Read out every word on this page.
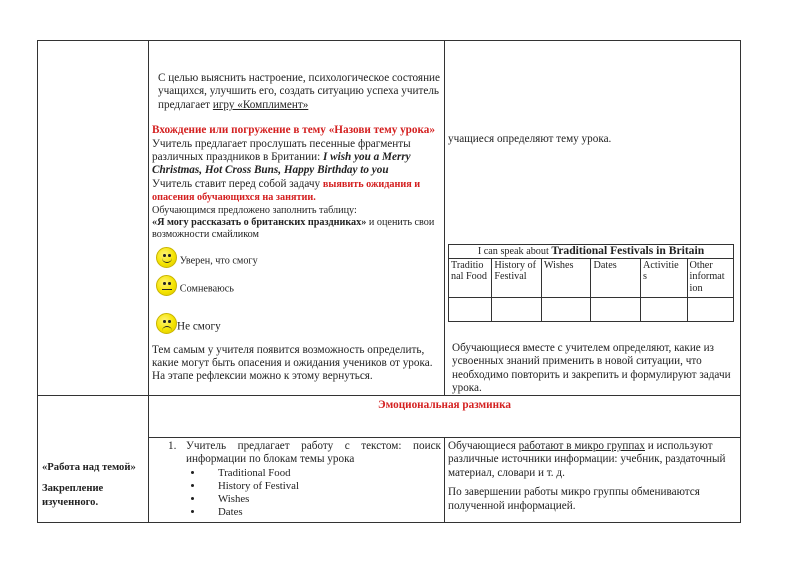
С целью выяснить настроение, психологическое состояние учащихся, улучшить его, создать ситуацию успеха учитель предлагает игру «Комплимент»
Вхождение или погружение в тему «Назови тему урока»
Учитель предлагает прослушать песенные фрагменты различных праздников в Британии: I wish you a Merry Christmas, Hot Cross Buns, Happy Birthday to you
Учитель ставит перед собой задачу выявить ожидания и опасения обучающихся на занятии.
Обучающимся предложено заполнить таблицу:
«Я могу рассказать о британских праздниках» и оценить свои возможности смайликом
Уверен, что смогу
Сомневаюсь
Не смогу
Тем самым у учителя появится возможность определить, какие могут быть опасения и ожидания учеников от урока. На этапе рефлексии можно к этому вернуться.
учащиеся определяют тему урока.
I can speak about Traditional Festivals in Britain					
Traditio nal Food	History of Festival	Wishes	Dates	Activitie s	Other informat ion

Обучающиеся вместе с учителем определяют, какие из усвоенных знаний применить в новой ситуации, что необходимо повторить и закрепить и формулируют задачи урока.
Эмоциональная разминка
«Работа над темой»
Закрепление изученного.
1. Учитель предлагает работу с текстом: поиск информации по блокам темы урока
• Traditional Food
• History of Festival
• Wishes
• Dates
Обучающиеся работают в микро группах и используют различные источники информации: учебник, раздаточный материал, словари и т. д.
По завершении работы микро группы обмениваются полученной информацией.
